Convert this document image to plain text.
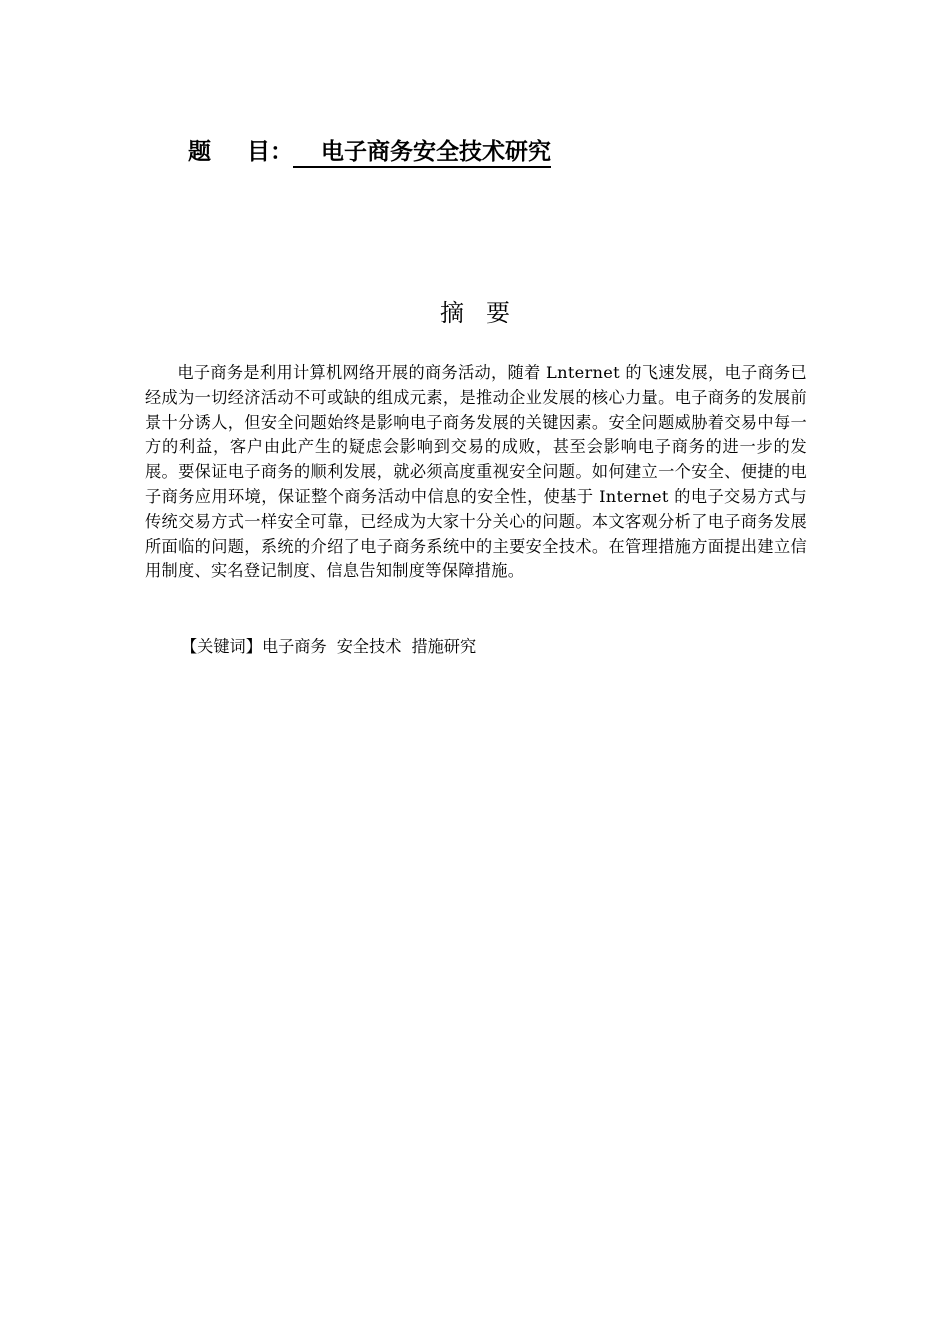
题 目： 电子商务安全技术研究
摘 要

电子商务是利用计算机网络开展的商务活动，随着 Lnternet 的飞速发展，电子商务已经成为一切经济活动不可或缺的组成元素，是推动企业发展的核心力量。电子商务的发展前景十分诱人，但安全问题始终是影响电子商务发展的关键因素。安全问题威胁着交易中每一方的利益，客户由此产生的疑虑会影响到交易的成败，甚至会影响电子商务的进一步的发展。要保证电子商务的顺利发展，就必须高度重视安全问题。如何建立一个安全、便捷的电子商务应用环境，保证整个商务活动中信息的安全性，使基于 Internet 的电子交易方式与传统交易方式一样安全可靠，已经成为大家十分关心的问题。本文客观分析了电子商务发展所面临的问题，系统的介绍了电子商务系统中的主要安全技术。在管理措施方面提出建立信用制度、实名登记制度、信息告知制度等保障措施。

【关键词】电子商务 安全技术 措施研究
